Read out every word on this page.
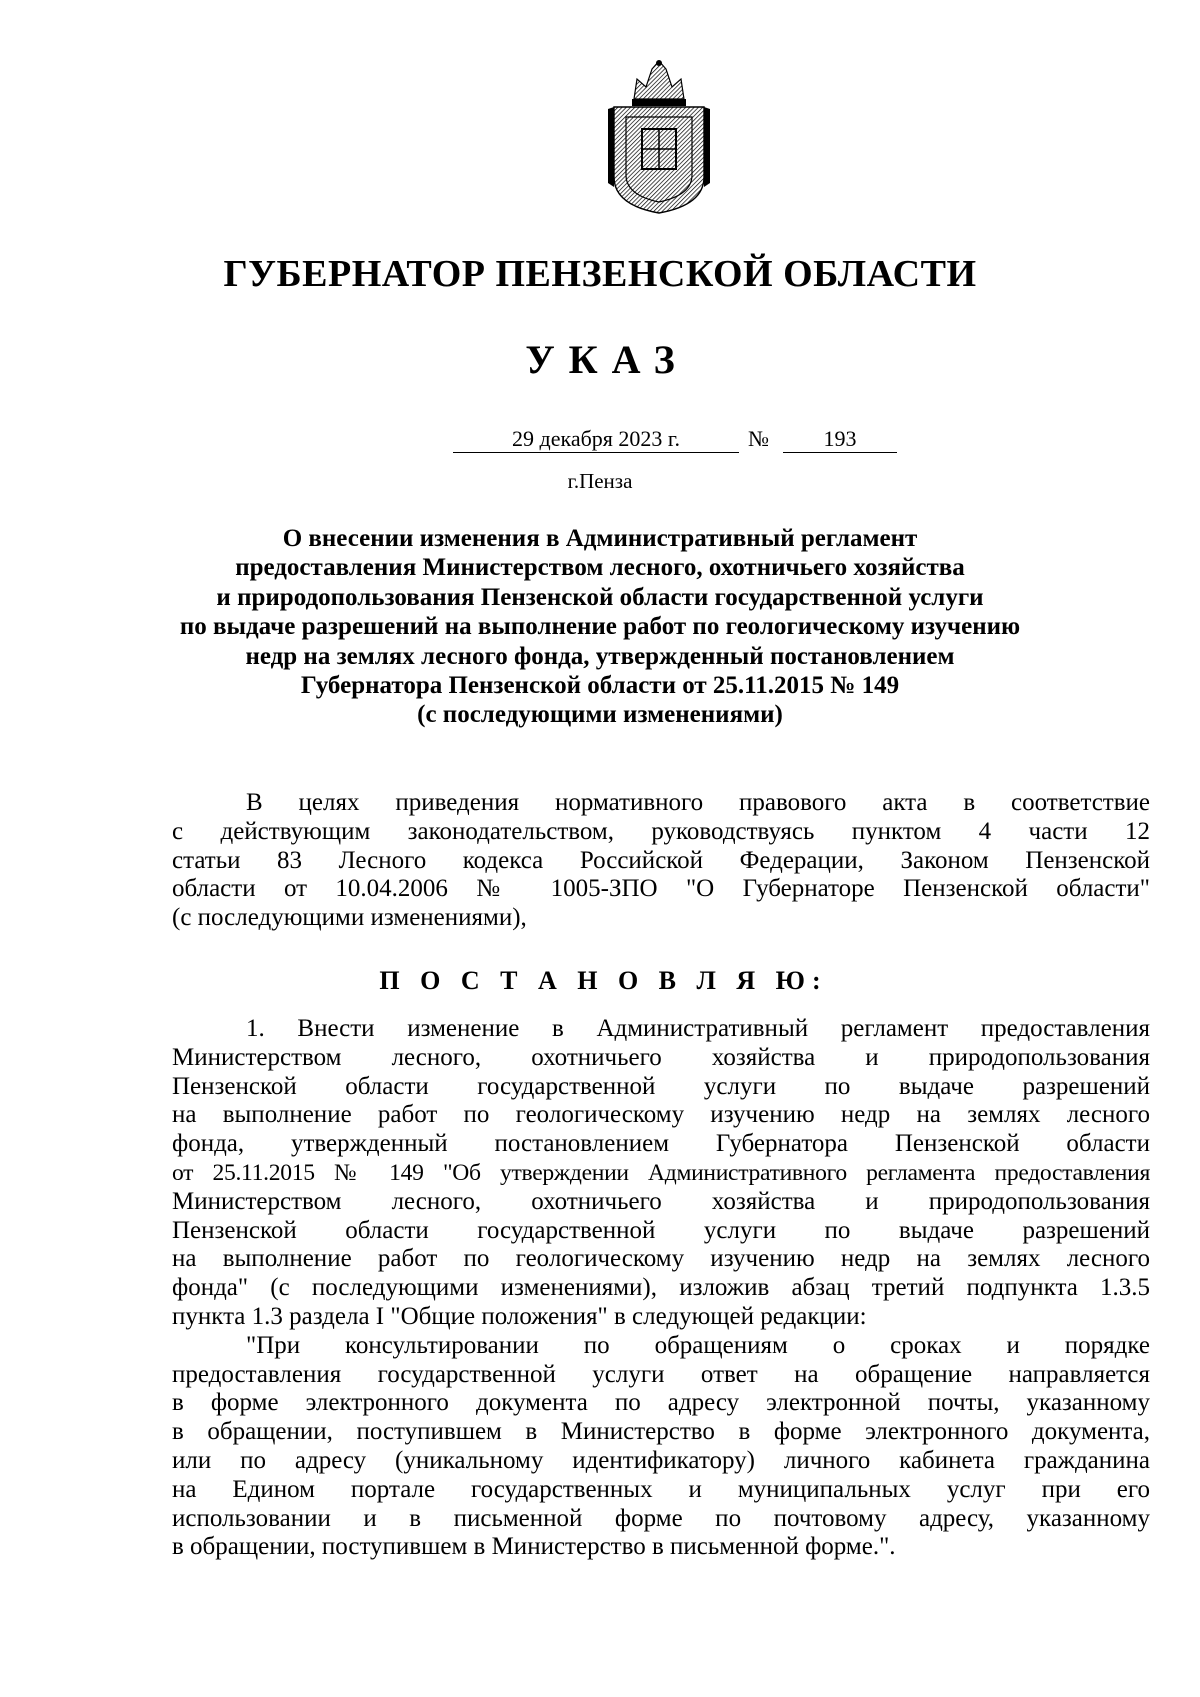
ГУБЕРНАТОР ПЕНЗЕНСКОЙ ОБЛАСТИ
УКАЗ
29 декабря 2023 г.	№	193
г.Пенза
О внесении изменения в Административный регламент
предоставления Министерством лесного, охотничьего хозяйства
и природопользования Пензенской области государственной услуги
по выдаче разрешений на выполнение работ по геологическому изучению
недр на землях лесного фонда, утвержденный постановлением
Губернатора Пензенской области от 25.11.2015 № 149
(с последующими изменениями)
В целях приведения нормативного правового акта в соответствие
с действующим законодательством, руководствуясь пунктом 4 части 12
статьи 83 Лесного кодекса Российской Федерации, Законом Пензенской
области от 10.04.2006 № 1005-ЗПО "О Губернаторе Пензенской области"
(с последующими изменениями),
П О С Т А Н О В Л Я Ю:
1. Внести изменение в Административный регламент предоставления
Министерством лесного, охотничьего хозяйства и природопользования
Пензенской области государственной услуги по выдаче разрешений
на выполнение работ по геологическому изучению недр на землях лесного
фонда, утвержденный постановлением Губернатора Пензенской области
от 25.11.2015 № 149 "Об утверждении Административного регламента предоставления
Министерством лесного, охотничьего хозяйства и природопользования
Пензенской области государственной услуги по выдаче разрешений
на выполнение работ по геологическому изучению недр на землях лесного
фонда" (с последующими изменениями), изложив абзац третий подпункта 1.3.5
пункта 1.3 раздела I "Общие положения" в следующей редакции:
"При консультировании по обращениям о сроках и порядке
предоставления государственной услуги ответ на обращение направляется
в форме электронного документа по адресу электронной почты, указанному
в обращении, поступившем в Министерство в форме электронного документа,
или по адресу (уникальному идентификатору) личного кабинета гражданина
на Едином портале государственных и муниципальных услуг при его
использовании и в письменной форме по почтовому адресу, указанному
в обращении, поступившем в Министерство в письменной форме.".
